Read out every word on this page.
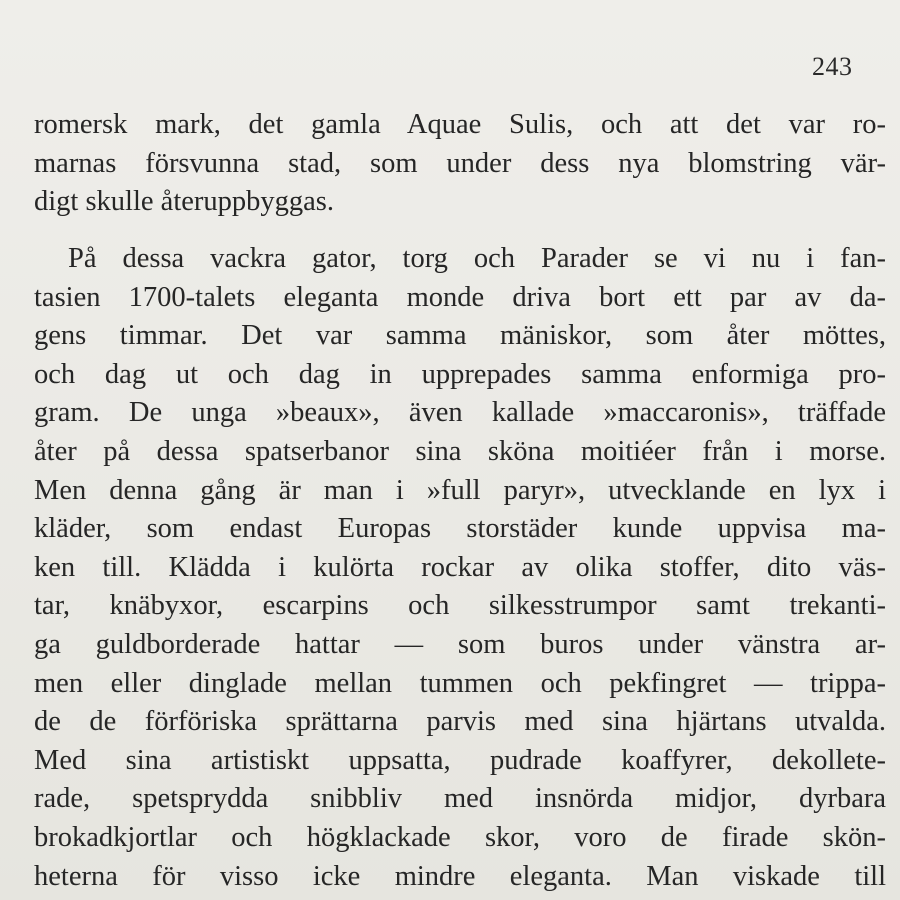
243
romersk mark, det gamla Aquae Sulis, och att det var ro-
marnas försvunna stad, som under dess nya blomstring vär-
digt skulle återuppbyggas.
På dessa vackra gator, torg och Parader se vi nu i fan-
tasien 1700-talets eleganta monde driva bort ett par av da-
gens timmar. Det var samma mäniskor, som åter möttes,
och dag ut och dag in upprepades samma enformiga pro-
gram. De unga »beaux», även kallade »maccaronis», träffade
åter på dessa spatserbanor sina sköna moitiéer från i morse.
Men denna gång är man i »full paryr», utvecklande en lyx i
kläder, som endast Europas storstäder kunde uppvisa ma-
ken till. Klädda i kulörta rockar av olika stoffer, dito väs-
tar, knäbyxor, escarpins och silkesstrumpor samt trekanti-
ga guldborderade hattar — som buros under vänstra ar-
men eller dinglade mellan tummen och pekfingret — trippa-
de de förföriska sprättarna parvis med sina hjärtans utvalda.
Med sina artistiskt uppsatta, pudrade koaffyrer, dekollete-
rade, spetsprydda snibbliv med insnörda midjor, dyrbara
brokadkjortlar och högklackade skor, voro de firade skön-
heterna för visso icke mindre eleganta. Man viskade till
